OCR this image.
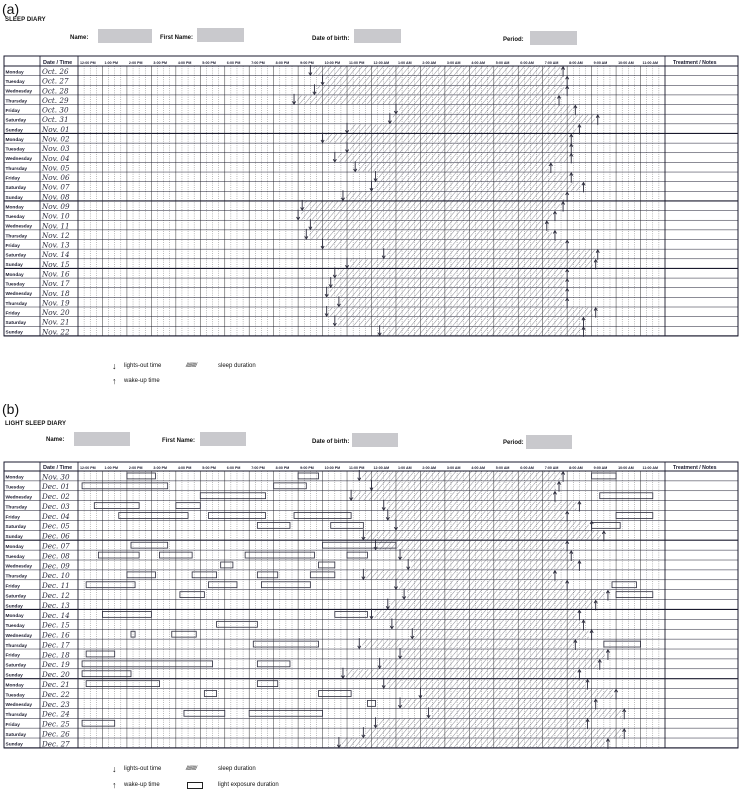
(a)
SLEEP DIARY
Name:	First Name:	Date of birth:	Period:
Date / Time 12:00 PM 1:00 PM	2:00 PM	3:00 PM	4:00 PM	5:00 PM	6:00 PM	7:00 PM	8:00 PM	9:00 PM	10:00 PM 11:00 PM	12:00 AM 1:00 AM	2:00 AM	3:00 AM	4:00 AM	5:00 AM	6:00 AM	7:00 AM	8:00 AM	9:00 AM	10:00 AM 11:00 AM	Treatment / Notes
Monday	Oct. 26
Tuesday Oct. 27
Wednesday Oct. 28
Thursday Oct. 29
Friday	Oct. 30
Saturday Oct. 31
Sunday	Nov. 01
Monday	Nov. 02
Tuesday Nov. 03
Wednesday Nov. 04
Thursday Nov. 05
Friday	Nov. 06
Saturday Nov. 07
Sunday	Nov. 08
Monday	Nov. 09
Tuesday Nov. 10
Wednesday Nov. 11
Thursday Nov. 12
Friday	Nov. 13
Saturday Nov. 14
Sunday	Nov. 15
Monday	Nov. 16
Tuesday Nov. 17
Wednesday Nov. 18
Thursday Nov. 19
Friday	Nov. 20
Saturday Nov. 21
Sunday	Nov. 22
↓ lights-out time	/////////	sleep duration
↑ wake-up time
(b)
LIGHT SLEEP DIARY
Name:	First Name:	Date of birth:	Period:
Date / Time 12:00 PM 1:00 PM	2:00 PM	3:00 PM	4:00 PM	5:00 PM	6:00 PM	7:00 PM	8:00 PM	9:00 PM	10:00 PM 11:00 PM	12:00 AM 1:00 AM	2:00 AM	3:00 AM	4:00 AM	5:00 AM	6:00 AM	7:00 AM	8:00 AM	9:00 AM	10:00 AM 11:00 AM	Treatment / Notes
Monday	Nov. 30
Tuesday Dec. 01
Wednesday Dec. 02
Thursday Dec. 03
Friday	Dec. 04
Saturday Dec. 05
Sunday	Dec. 06
Monday	Dec. 07
Tuesday Dec. 08
Wednesday Dec. 09
Thursday Dec. 10
Friday	Dec. 11
Saturday Dec. 12
Sunday	Dec. 13
Monday	Dec. 14
Tuesday Dec. 15
Wednesday Dec. 16
Thursday Dec. 17
Friday	Dec. 18
Saturday Dec. 19
Sunday	Dec. 20
Monday	Dec. 21
Tuesday Dec. 22
Wednesday Dec. 23
Thursday Dec. 24
Friday	Dec. 25
Saturday Dec. 26
Sunday	Dec. 27
↓ lights-out time	/////////	sleep duration
↑ wake-up time	light exposure duration
